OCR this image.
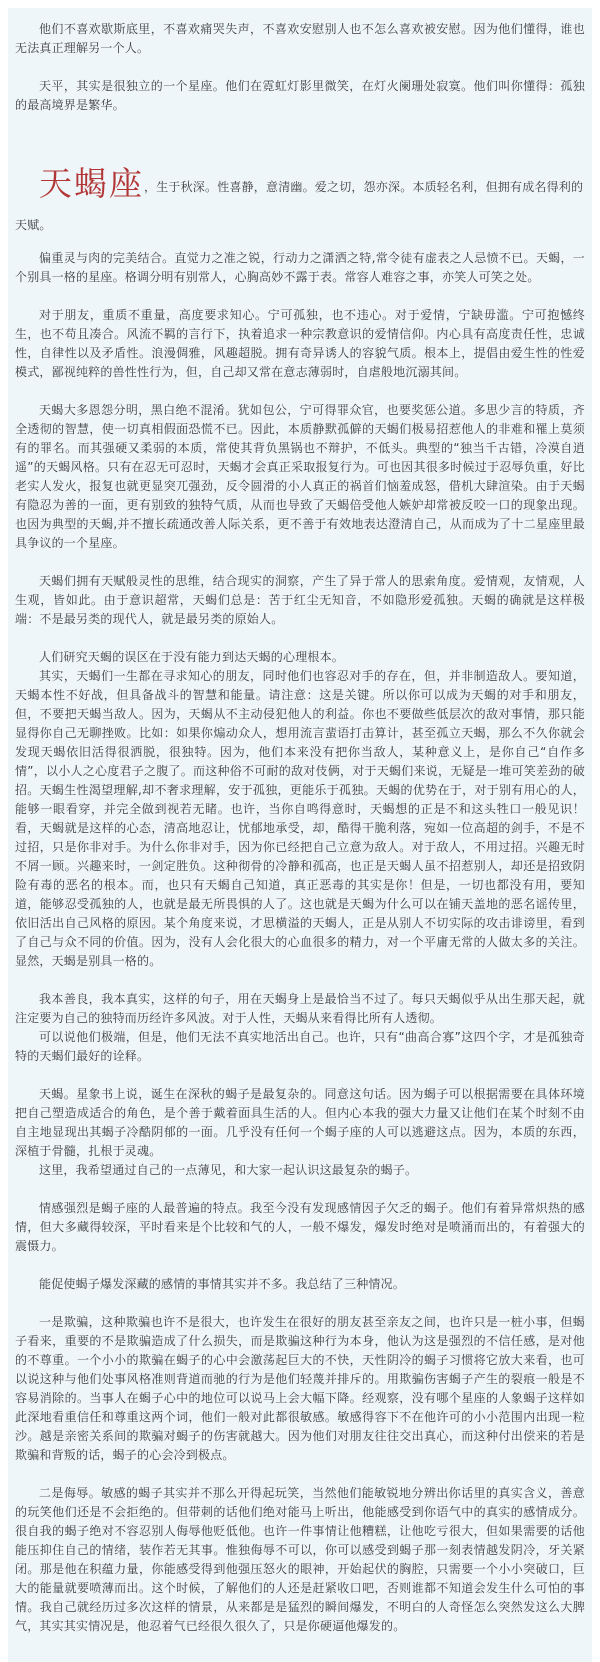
他们不喜欢歇斯底里，不喜欢痛哭失声，不喜欢安慰别人也不怎么喜欢被安慰。因为他们懂得，谁也无法真正理解另一个人。

天平，其实是很独立的一个星座。他们在霓虹灯影里微笑，在灯火阑珊处寂寞。他们叫你懂得：孤独的最高境界是繁华。

天蝎座，生于秋深。性喜静，意清幽。爱之切，怨亦深。本质轻名利，但拥有成名得利的天赋。

偏重灵与肉的完美结合。直觉力之准之锐，行动力之潇洒之特,常令徒有虚表之人忌愤不已。天蝎，一个别具一格的星座。格调分明有别常人，心胸高妙不露于表。常容人难容之事，亦笑人可笑之处。

对于朋友，重质不重量，高度要求知心。宁可孤独，也不违心。对于爱情，宁缺毋滥。宁可抱憾终生，也不苟且凑合。风流不羁的言行下，执着追求一种宗教意识的爱情信仰。内心具有高度责任性，忠诚性，自律性以及矛盾性。浪漫倜雅，风趣超脱。拥有奇异诱人的容貌气质。根本上，提倡由爱生性的性爱模式，鄙视纯粹的兽性性行为，但，自己却又常在意志薄弱时，自虐般地沉溺其间。

天蝎大多恩怨分明，黑白绝不混淆。犹如包公，宁可得罪众官，也要奖惩公道。多思少言的特质，齐全透彻的智慧，使一切真相假面恐慌不已。因此，本质静默孤僻的天蝎们极易招惹他人的非难和罹上莫须有的罪名。而其强硬又柔弱的本质，常使其背负黑锅也不辩护，不低头。典型的“独当千古错，冷漠自逍遥”的天蝎风格。只有在忍无可忍时，天蝎才会真正采取报复行为。可也因其很多时候过于忍辱负重，好比老实人发火，报复也就更显突兀强劲，反令圆滑的小人真正的祸首们恼羞成怒，借机大肆渲染。由于天蝎有隐忍为善的一面，更有别致的独特气质，从而也导致了天蝎倍受他人嫉妒却常被反咬一口的现象出现。也因为典型的天蝎,并不擅长疏通改善人际关系，更不善于有效地表达澄清自己，从而成为了十二星座里最具争议的一个星座。

天蝎们拥有天赋般灵性的思维，结合现实的洞察，产生了异于常人的思索角度。爱情观，友情观，人生观，皆如此。由于意识超常，天蝎们总是：苦于红尘无知音，不如隐形爱孤独。天蝎的确就是这样极端：不是最另类的现代人，就是最另类的原始人。

人们研究天蝎的误区在于没有能力到达天蝎的心理根本。

其实，天蝎们一生都在寻求知心的朋友，同时他们也容忍对手的存在，但，并非制造敌人。要知道，天蝎本性不好战，但具备战斗的智慧和能量。请注意：这是关键。所以你可以成为天蝎的对手和朋友，但，不要把天蝎当敌人。因为，天蝎从不主动侵犯他人的利益。你也不要做些低层次的敌对事情，那只能显得你自己无聊挫败。比如：如果你煽动众人，想用流言蜚语打击算计，甚至孤立天蝎，那么不久你就会发现天蝎依旧活得很洒脱，很独特。因为，他们本来没有把你当敌人，某种意义上，是你自己“自作多情”，以小人之心度君子之腹了。而这种俗不可耐的敌对伎俩，对于天蝎们来说，无疑是一堆可笑差劲的破招。天蝎生性渴望理解,却不奢求理解，安于孤独，更能乐于孤独。天蝎的优势在于，对于别有用心的人，能够一眼看穿，并完全做到视若无睹。也许，当你自鸣得意时，天蝎想的正是不和这头牲口一般见识！看，天蝎就是这样的心态，清高地忍让，忧郁地承受，却，酷得干脆利落，宛如一位高超的剑手，不是不过招，只是你非对手。为什么你非对手，因为你已经把自己立意为敌人。对于敌人，不用过招。兴趣无时不屑一顾。兴趣来时，一剑定胜负。这种彻骨的冷静和孤高，也正是天蝎人虽不招惹别人，却还是招致阴险有毒的恶名的根本。而，也只有天蝎自己知道，真正恶毒的其实是你！但是，一切也都没有用，要知道，能够忍受孤独的人，也就是最无所畏惧的人了。这也就是天蝎为什么可以在铺天盖地的恶名谣传里，依旧活出自己风格的原因。某个角度来说，才思横溢的天蝎人，正是从别人不切实际的攻击诽谤里，看到了自己与众不同的价值。因为，没有人会化很大的心血很多的精力，对一个平庸无常的人做太多的关注。显然，天蝎是别具一格的。

我本善良，我本真实，这样的句子，用在天蝎身上是最恰当不过了。每只天蝎似乎从出生那天起，就注定要为自己的独特而历经许多风波。对于人性，天蝎从来看得比所有人透彻。

可以说他们极端，但是，他们无法不真实地活出自己。也许，只有“曲高合寡”这四个字，才是孤独奇特的天蝎们最好的诠释。

天蝎。星象书上说，诞生在深秋的蝎子是最复杂的。同意这句话。因为蝎子可以根据需要在具体环境把自己塑造成适合的角色，是个善于戴着面具生活的人。但内心本我的强大力量又让他们在某个时刻不由自主地显现出其蝎子冷酷阴郁的一面。几乎没有任何一个蝎子座的人可以逃避这点。因为，本质的东西，深植于骨髓，扎根于灵魂。

这里，我希望通过自己的一点薄见，和大家一起认识这最复杂的蝎子。

情感强烈是蝎子座的人最普遍的特点。我至今没有发现感情因子欠乏的蝎子。他们有着异常炽热的感情，但大多藏得较深，平时看来是个比较和气的人，一般不爆发，爆发时绝对是喷涌而出的，有着强大的震慑力。

能促使蝎子爆发深藏的感情的事情其实并不多。我总结了三种情况。

一是欺骗，这种欺骗也许不是很大，也许发生在很好的朋友甚至亲友之间，也许只是一桩小事，但蝎子看来，重要的不是欺骗造成了什么损失，而是欺骗这种行为本身，他认为这是强烈的不信任感，是对他的不尊重。一个小小的欺骗在蝎子的心中会激荡起巨大的不快，天性阴冷的蝎子习惯将它放大来看，也可以说这种与他们处事风格准则背道而驰的行为是他们轻蔑并排斥的。用欺骗伤害蝎子产生的裂痕一般是不容易消除的。当事人在蝎子心中的地位可以说马上会大幅下降。经观察，没有哪个星座的人象蝎子这样如此深地看重信任和尊重这两个词，他们一般对此都很敏感。敏感得容下不在他许可的小小范围内出现一粒沙。越是亲密关系间的欺骗对蝎子的伤害就越大。因为他们对朋友往往交出真心，而这种付出偿来的若是欺骗和背叛的话，蝎子的心会冷到极点。

二是侮辱。敏感的蝎子其实并不那么开得起玩笑，当然他们能敏锐地分辨出你话里的真实含义，善意的玩笑他们还是不会拒绝的。但带刺的话他们绝对能马上听出，他能感受到你语气中的真实的感情成分。很自我的蝎子绝对不容忍别人侮辱他贬低他。也许一件事情让他糟糕，让他吃亏很大，但如果需要的话他能压抑住自己的情绪，装作若无其事。惟独侮辱不可以，你可以感受到蝎子那一刻表情越发阴冷，牙关紧闭。那是他在积蕴力量，你能感受得到他强压怒火的眼神，开始起伏的胸腔，只需要一个小小突破口，巨大的能量就要喷薄而出。这个时候，了解他们的人还是赶紧收口吧，否则谁都不知道会发生什么可怕的事情。我自己就经历过多次这样的情景，从来都是是猛烈的瞬间爆发，不明白的人奇怪怎么突然发这么大脾气，其实其实情况是，他忍着气已经很久很久了，只是你硬逼他爆发的。
